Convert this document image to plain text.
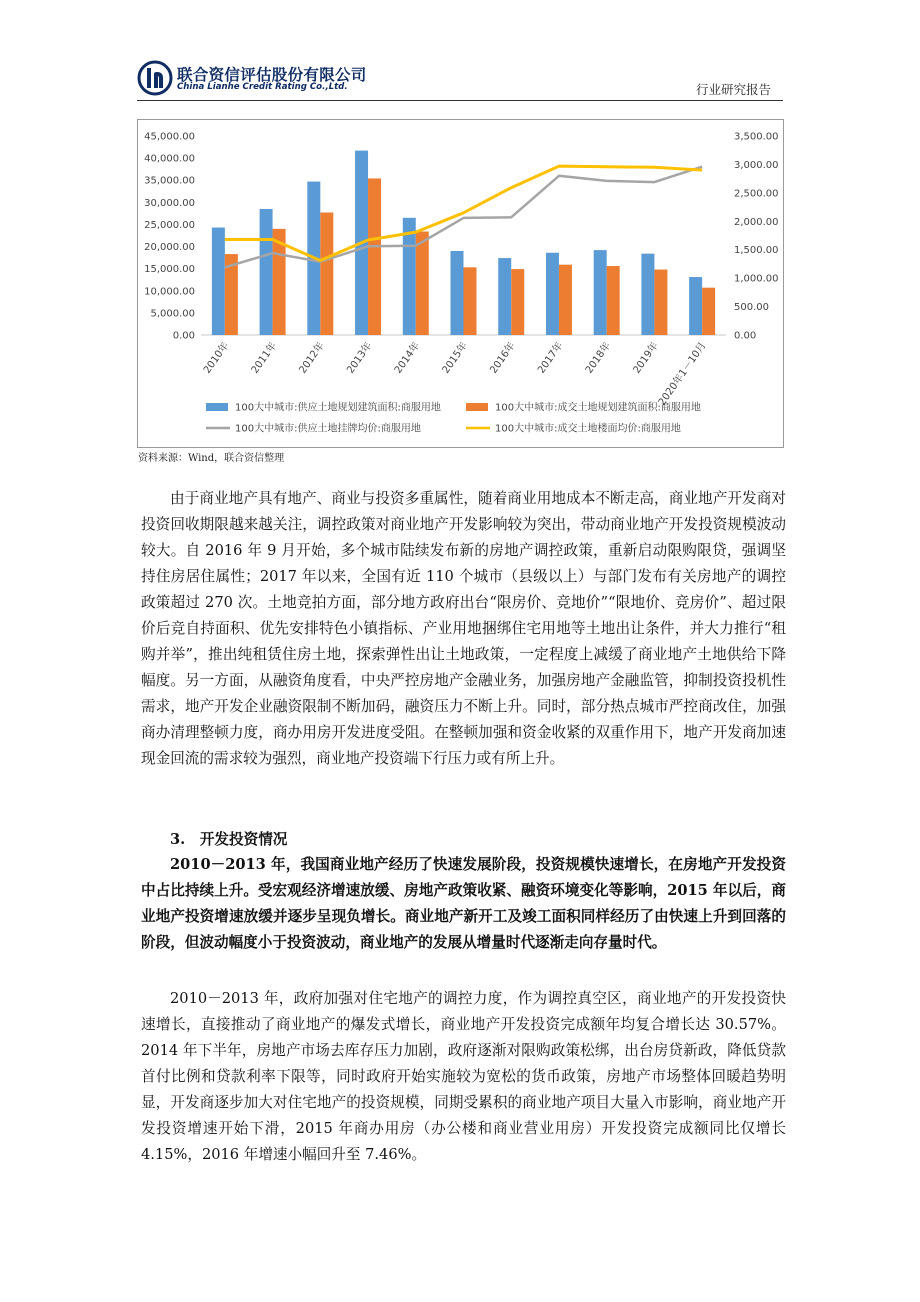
联合资信评估股份有限公司
China Lianhe Credit Rating Co.,Ltd.	行业研究报告
0.00
5,000.00
10,000.00
15,000.00
20,000.00
25,000.00
30,000.00
35,000.00
40,000.00
45,000.00
0.00
500.00
1,000.00
1,500.00
2,000.00
2,500.00
3,000.00
3,500.00
2010年 2011年 2012年 2013年 2014年 2015年 2016年 2017年 2018年 2019年
2020年1－10月
100大中城市:供应土地规划建筑面积:商服用地	100大中城市:成交土地规划建筑面积:商服用地
100大中城市:供应土地挂牌均价:商服用地	100大中城市:成交土地楼面均价:商服用地
资料来源：Wind，联合资信整理
由于商业地产具有地产、商业与投资多重属性，随着商业用地成本不断走高，商业地产开发商对投资回收期限越来越关注，调控政策对商业地产开发影响较为突出，带动商业地产开发投资规模波动较大。自 2016 年 9 月开始，多个城市陆续发布新的房地产调控政策，重新启动限购限贷，强调坚持住房居住属性；2017 年以来，全国有近 110 个城市（县级以上）与部门发布有关房地产的调控政策超过 270 次。土地竞拍方面，部分地方政府出台“限房价、竞地价”“限地价、竞房价”、超过限价后竞自持面积、优先安排特色小镇指标、产业用地捆绑住宅用地等土地出让条件，并大力推行“租购并举”，推出纯租赁住房土地，探索弹性出让土地政策，一定程度上减缓了商业地产土地供给下降幅度。另一方面，从融资角度看，中央严控房地产金融业务，加强房地产金融监管，抑制投资投机性需求，地产开发企业融资限制不断加码，融资压力不断上升。同时，部分热点城市严控商改住，加强商办清理整顿力度，商办用房开发进度受阻。在整顿加强和资金收紧的双重作用下，地产开发商加速现金回流的需求较为强烈，商业地产投资端下行压力或有所上升。
3.　开发投资情况
2010－2013 年，我国商业地产经历了快速发展阶段，投资规模快速增长，在房地产开发投资中占比持续上升。受宏观经济增速放缓、房地产政策收紧、融资环境变化等影响，2015 年以后，商业地产投资增速放缓并逐步呈现负增长。商业地产新开工及竣工面积同样经历了由快速上升到回落的阶段，但波动幅度小于投资波动，商业地产的发展从增量时代逐渐走向存量时代。
2010－2013 年，政府加强对住宅地产的调控力度，作为调控真空区，商业地产的开发投资快速增长，直接推动了商业地产的爆发式增长，商业地产开发投资完成额年均复合增长达 30.57%。2014 年下半年，房地产市场去库存压力加剧，政府逐渐对限购政策松绑，出台房贷新政，降低贷款首付比例和贷款利率下限等，同时政府开始实施较为宽松的货币政策，房地产市场整体回暖趋势明显，开发商逐步加大对住宅地产的投资规模，同期受累积的商业地产项目大量入市影响，商业地产开发投资增速开始下滑，2015 年商办用房（办公楼和商业营业用房）开发投资完成额同比仅增长 4.15%，2016 年增速小幅回升至 7.46%。
